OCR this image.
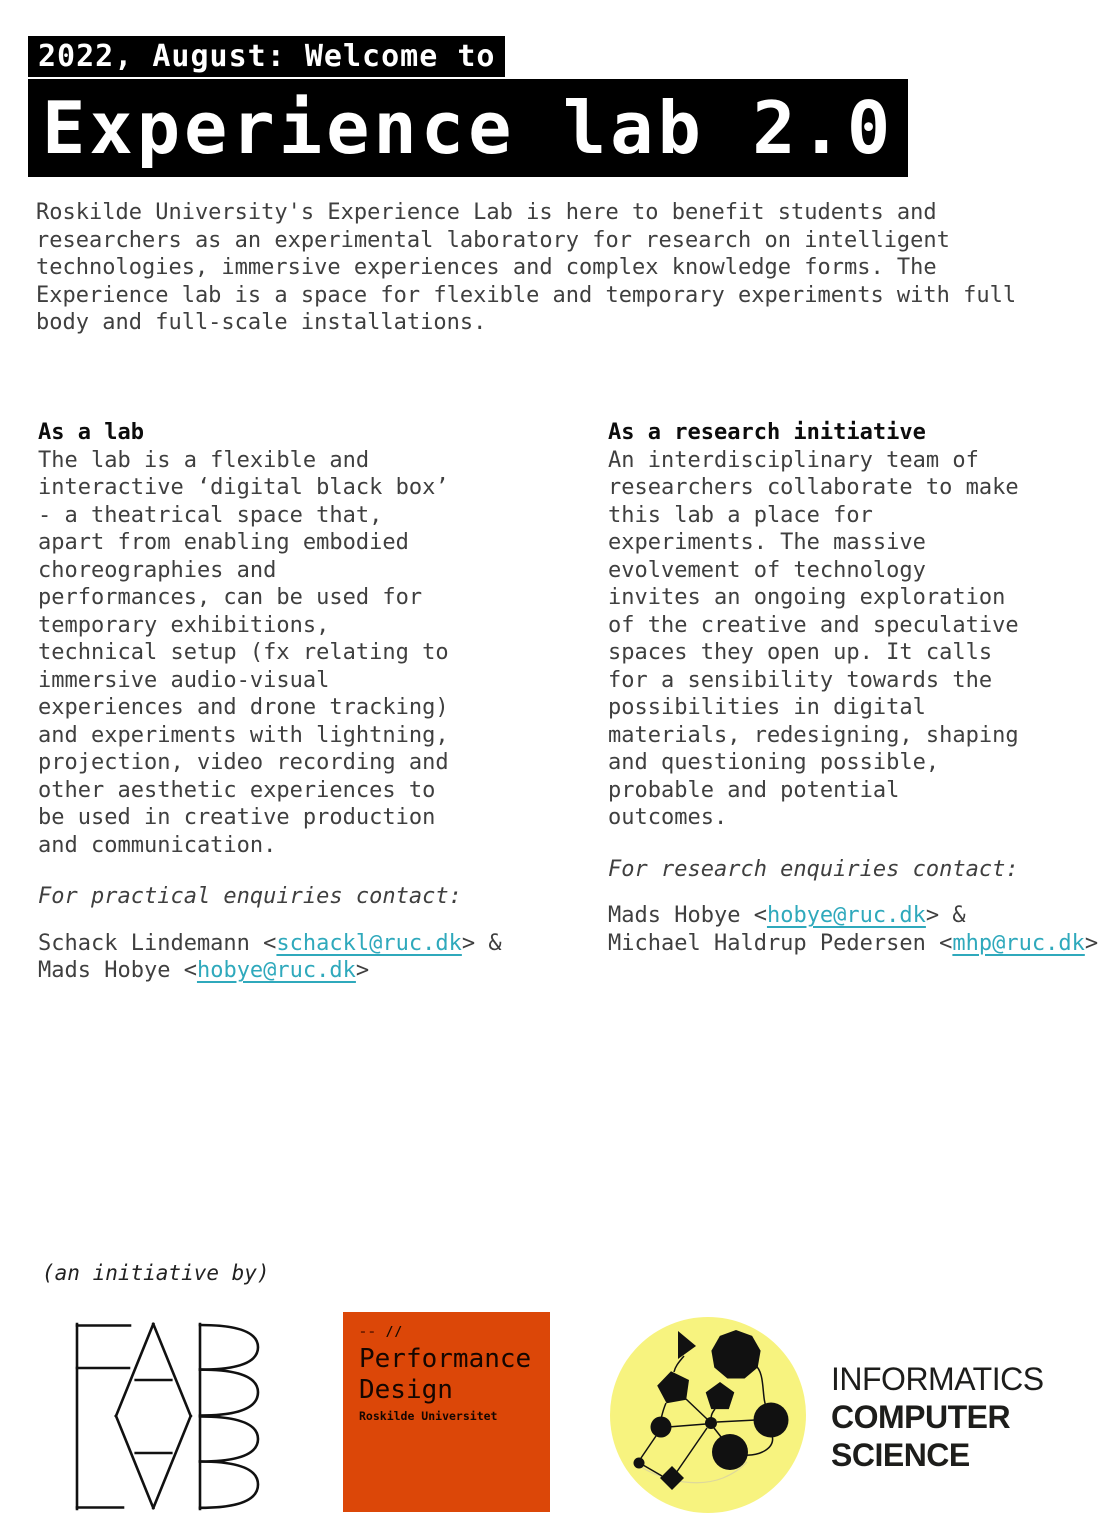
2022, August: Welcome to
Experience lab 2.0

Roskilde University's Experience Lab is here to benefit students and
researchers as an experimental laboratory for research on intelligent
technologies, immersive experiences and complex knowledge forms. The
Experience lab is a space for flexible and temporary experiments with full
body and full-scale installations.

As a lab
The lab is a flexible and
interactive ‘digital black box’
- a theatrical space that,
apart from enabling embodied
choreographies and
performances, can be used for
temporary exhibitions,
technical setup (fx relating to
immersive audio-visual
experiences and drone tracking)
and experiments with lightning,
projection, video recording and
other aesthetic experiences to
be used in creative production
and communication.
For practical enquiries contact:
Schack Lindemann <schackl@ruc.dk> &
Mads Hobye <hobye@ruc.dk>
As a research initiative
An interdisciplinary team of
researchers collaborate to make
this lab a place for
experiments. The massive
evolvement of technology
invites an ongoing exploration
of the creative and speculative
spaces they open up. It calls
for a sensibility towards the
possibilities in digital
materials, redesigning, shaping
and questioning possible,
probable and potential
outcomes.
For research enquiries contact:
Mads Hobye <hobye@ruc.dk> &
Michael Haldrup Pedersen <mhp@ruc.dk>
(an initiative by)
-- //
Performance
Design
Roskilde Universitet
INFORMATICS
COMPUTER
SCIENCE
